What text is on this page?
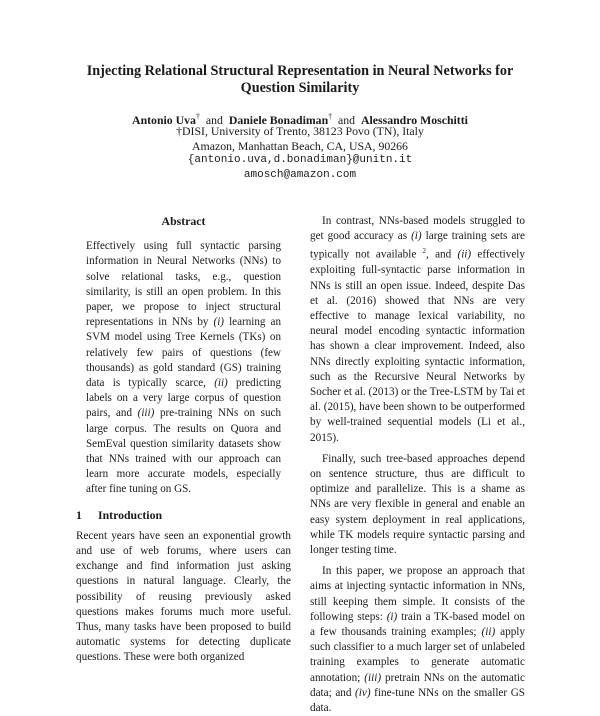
Injecting Relational Structural Representation in Neural Networks for Question Similarity
Antonio Uva† and Daniele Bonadiman† and Alessandro Moschitti
†DISI, University of Trento, 38123 Povo (TN), Italy
Amazon, Manhattan Beach, CA, USA, 90266
{antonio.uva,d.bonadiman}@unitn.it
amosch@amazon.com
Abstract

Effectively using full syntactic parsing information in Neural Networks (NNs) to solve relational tasks, e.g., question similarity, is still an open problem. In this paper, we propose to inject structural representations in NNs by (i) learning an SVM model using Tree Kernels (TKs) on relatively few pairs of questions (few thousands) as gold standard (GS) training data is typically scarce, (ii) predicting labels on a very large corpus of question pairs, and (iii) pre-training NNs on such large corpus. The results on Quora and SemEval question similarity datasets show that NNs trained with our approach can learn more accurate models, especially after fine tuning on GS.

1 Introduction

Recent years have seen an exponential growth and use of web forums, where users can exchange and find information just asking questions in natural language. Clearly, the possibility of reusing previously asked questions makes forums much more useful. Thus, many tasks have been proposed to build automatic systems for detecting duplicate questions. These were both organized

In contrast, NNs-based models struggled to get good accuracy as (i) large training sets are typically not available $^2$, and (ii) effectively exploiting full-syntactic parse information in NNs is still an open issue. Indeed, despite Das et al. (2016) showed that NNs are very effective to manage lexical variability, no neural model encoding syntactic information has shown a clear improvement. Indeed, also NNs directly exploiting syntactic information, such as the Recursive Neural Networks by Socher et al. (2013) or the Tree-LSTM by Tai et al. (2015), have been shown to be outperformed by well-trained sequential models (Li et al., 2015).

Finally, such tree-based approaches depend on sentence structure, thus are difficult to optimize and parallelize. This is a shame as NNs are very flexible in general and enable an easy system deployment in real applications, while TK models require syntactic parsing and longer testing time.

In this paper, we propose an approach that aims at injecting syntactic information in NNs, still keeping them simple. It consists of the following steps: (i) train a TK-based model on a few thousands training examples; (ii) apply such classifier to a much larger set of unlabeled training examples to generate automatic annotation; (iii) pretrain NNs on the automatic data; and (iv) fine-tune NNs on the smaller GS data.
